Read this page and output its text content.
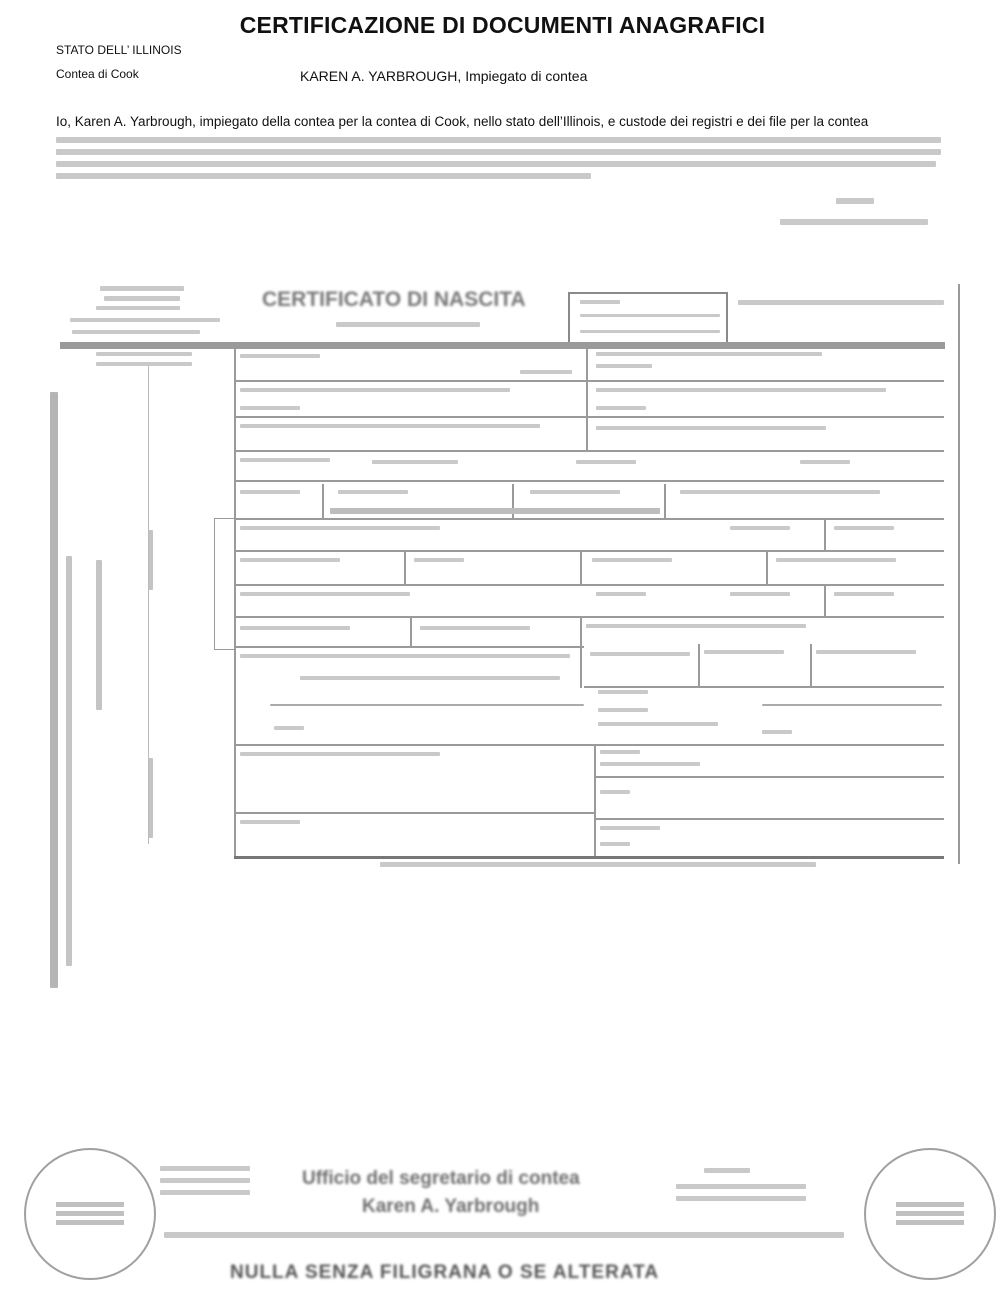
CERTIFICAZIONE DI DOCUMENTI ANAGRAFICI
STATO DELL’ ILLINOIS
Contea di Cook	KAREN A. YARBROUGH, Impiegato di contea
Io, Karen A. Yarbrough, impiegato della contea per la contea di Cook, nello stato dell’Illinois, e custode dei registri e dei file per la contea
CERTIFICATO DI NASCITA
Ufficio del segretario di contea
Karen A. Yarbrough
NULLA SENZA FILIGRANA O SE ALTERATA
